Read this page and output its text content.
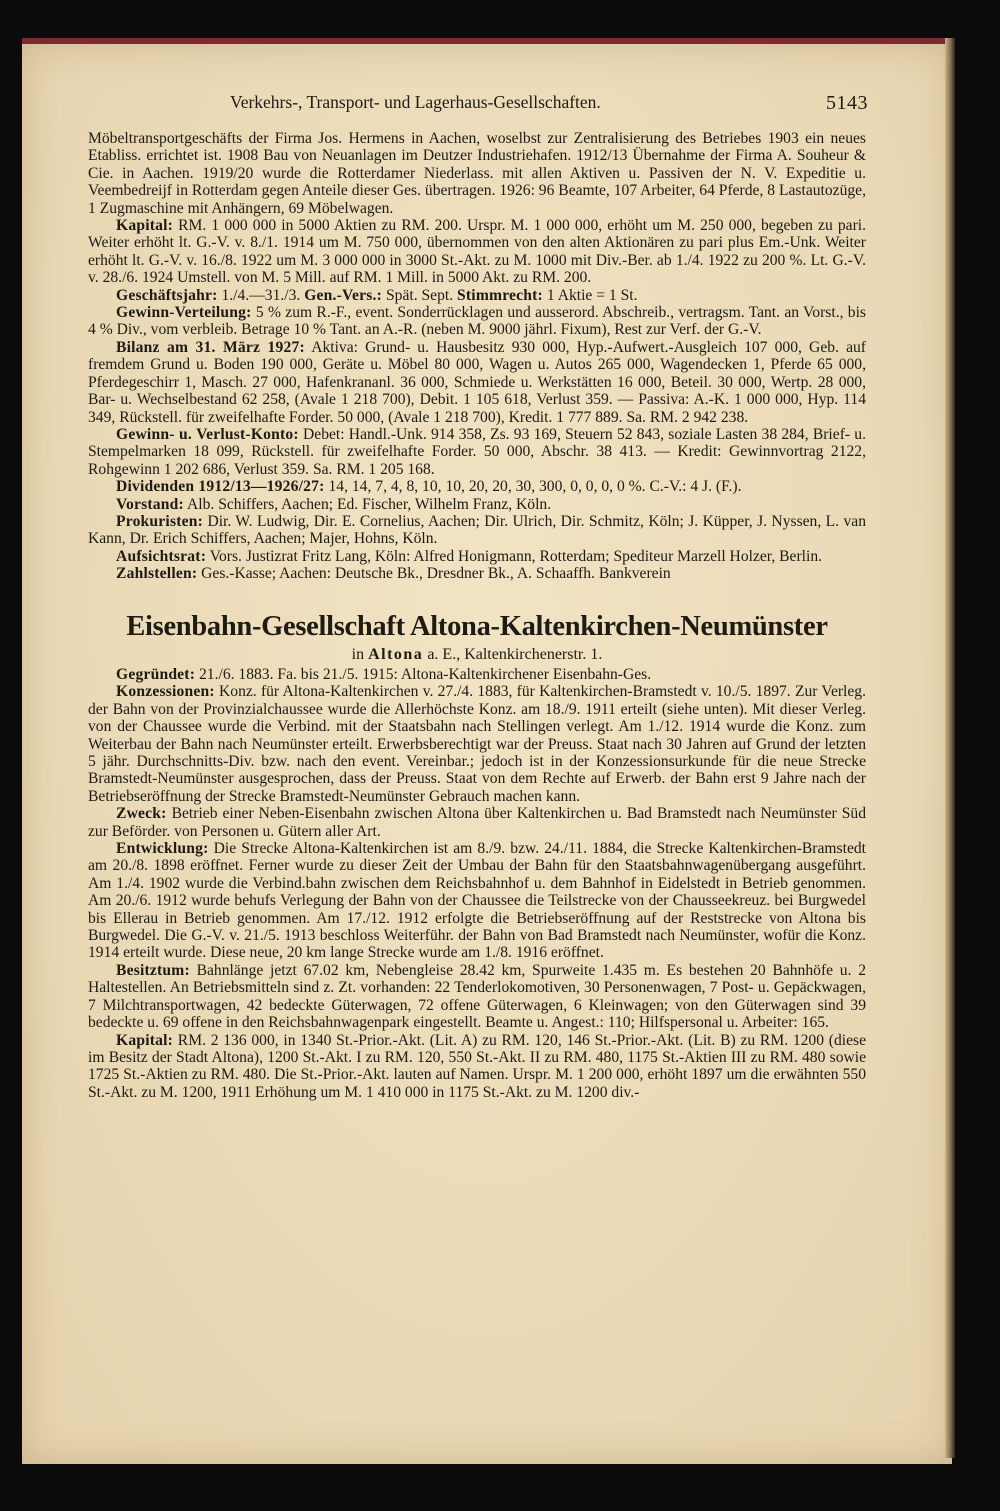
Verkehrs-, Transport- und Lagerhaus-Gesellschaften.	5143

Möbeltransportgeschäfts der Firma Jos. Hermens in Aachen, woselbst zur Zentralisierung des Betriebes 1903 ein neues Etabliss. errichtet ist. 1908 Bau von Neuanlagen im Deutzer Industriehafen. 1912/13 Übernahme der Firma A. Souheur & Cie. in Aachen. 1919/20 wurde die Rotterdamer Niederlass. mit allen Aktiven u. Passiven der N. V. Expeditie u. Veembedreijf in Rotterdam gegen Anteile dieser Ges. übertragen. 1926: 96 Beamte, 107 Arbeiter, 64 Pferde, 8 Lastautozüge, 1 Zugmaschine mit Anhängern, 69 Möbelwagen.

Kapital: RM. 1 000 000 in 5000 Aktien zu RM. 200. Urspr. M. 1 000 000, erhöht um M. 250 000, begeben zu pari. Weiter erhöht lt. G.-V. v. 8./1. 1914 um M. 750 000, übernommen von den alten Aktionären zu pari plus Em.-Unk. Weiter erhöht lt. G.-V. v. 16./8. 1922 um M. 3 000 000 in 3000 St.-Akt. zu M. 1000 mit Div.-Ber. ab 1./4. 1922 zu 200 %. Lt. G.-V. v. 28./6. 1924 Umstell. von M. 5 Mill. auf RM. 1 Mill. in 5000 Akt. zu RM. 200.

Geschäftsjahr: 1./4.—31./3. Gen.-Vers.: Spät. Sept. Stimmrecht: 1 Aktie = 1 St.

Gewinn-Verteilung: 5 % zum R.-F., event. Sonderrücklagen und ausserord. Abschreib., vertragsm. Tant. an Vorst., bis 4 % Div., vom verbleib. Betrage 10 % Tant. an A.-R. (neben M. 9000 jährl. Fixum), Rest zur Verf. der G.-V.

Bilanz am 31. März 1927: Aktiva: Grund- u. Hausbesitz 930 000, Hyp.-Aufwert.-Ausgleich 107 000, Geb. auf fremdem Grund u. Boden 190 000, Geräte u. Möbel 80 000, Wagen u. Autos 265 000, Wagendecken 1, Pferde 65 000, Pferdegeschirr 1, Masch. 27 000, Hafenkrananl. 36 000, Schmiede u. Werkstätten 16 000, Beteil. 30 000, Wertp. 28 000, Bar- u. Wechselbestand 62 258, (Avale 1 218 700), Debit. 1 105 618, Verlust 359. — Passiva: A.-K. 1 000 000, Hyp. 114 349, Rückstell. für zweifelhafte Forder. 50 000, (Avale 1 218 700), Kredit. 1 777 889. Sa. RM. 2 942 238.

Gewinn- u. Verlust-Konto: Debet: Handl.-Unk. 914 358, Zs. 93 169, Steuern 52 843, soziale Lasten 38 284, Brief- u. Stempelmarken 18 099, Rückstell. für zweifelhafte Forder. 50 000, Abschr. 38 413. — Kredit: Gewinnvortrag 2122, Rohgewinn 1 202 686, Verlust 359. Sa. RM. 1 205 168.

Dividenden 1912/13—1926/27: 14, 14, 7, 4, 8, 10, 10, 20, 20, 30, 300, 0, 0, 0, 0 %. C.-V.: 4 J. (F.).

Vorstand: Alb. Schiffers, Aachen; Ed. Fischer, Wilhelm Franz, Köln.

Prokuristen: Dir. W. Ludwig, Dir. E. Cornelius, Aachen; Dir. Ulrich, Dir. Schmitz, Köln; J. Küpper, J. Nyssen, L. van Kann, Dr. Erich Schiffers, Aachen; Majer, Hohns, Köln.

Aufsichtsrat: Vors. Justizrat Fritz Lang, Köln: Alfred Honigmann, Rotterdam; Spediteur Marzell Holzer, Berlin.

Zahlstellen: Ges.-Kasse; Aachen: Deutsche Bk., Dresdner Bk., A. Schaaffh. Bankverein

Eisenbahn-Gesellschaft Altona-Kaltenkirchen-Neumünster
in Altona a. E., Kaltenkirchenerstr. 1.

Gegründet: 21./6. 1883. Fa. bis 21./5. 1915: Altona-Kaltenkirchener Eisenbahn-Ges.

Konzessionen: Konz. für Altona-Kaltenkirchen v. 27./4. 1883, für Kaltenkirchen-Bramstedt v. 10./5. 1897. Zur Verleg. der Bahn von der Provinzialchaussee wurde die Allerhöchste Konz. am 18./9. 1911 erteilt (siehe unten). Mit dieser Verleg. von der Chaussee wurde die Verbind. mit der Staatsbahn nach Stellingen verlegt. Am 1./12. 1914 wurde die Konz. zum Weiterbau der Bahn nach Neumünster erteilt. Erwerbsberechtigt war der Preuss. Staat nach 30 Jahren auf Grund der letzten 5 jähr. Durchschnitts-Div. bzw. nach den event. Vereinbar.; jedoch ist in der Konzessionsurkunde für die neue Strecke Bramstedt-Neumünster ausgesprochen, dass der Preuss. Staat von dem Rechte auf Erwerb. der Bahn erst 9 Jahre nach der Betriebseröffnung der Strecke Bramstedt-Neumünster Gebrauch machen kann.

Zweck: Betrieb einer Neben-Eisenbahn zwischen Altona über Kaltenkirchen u. Bad Bramstedt nach Neumünster Süd zur Beförder. von Personen u. Gütern aller Art.

Entwicklung: Die Strecke Altona-Kaltenkirchen ist am 8./9. bzw. 24./11. 1884, die Strecke Kaltenkirchen-Bramstedt am 20./8. 1898 eröffnet. Ferner wurde zu dieser Zeit der Umbau der Bahn für den Staatsbahnwagenübergang ausgeführt. Am 1./4. 1902 wurde die Verbind.bahn zwischen dem Reichsbahnhof u. dem Bahnhof in Eidelstedt in Betrieb genommen. Am 20./6. 1912 wurde behufs Verlegung der Bahn von der Chaussee die Teilstrecke von der Chausseekreuz. bei Burgwedel bis Ellerau in Betrieb genommen. Am 17./12. 1912 erfolgte die Betriebseröffnung auf der Reststrecke von Altona bis Burgwedel. Die G.-V. v. 21./5. 1913 beschloss Weiterführ. der Bahn von Bad Bramstedt nach Neumünster, wofür die Konz. 1914 erteilt wurde. Diese neue, 20 km lange Strecke wurde am 1./8. 1916 eröffnet.

Besitztum: Bahnlänge jetzt 67.02 km, Nebengleise 28.42 km, Spurweite 1.435 m. Es bestehen 20 Bahnhöfe u. 2 Haltestellen. An Betriebsmitteln sind z. Zt. vorhanden: 22 Tenderlokomotiven, 30 Personenwagen, 7 Post- u. Gepäckwagen, 7 Milchtransportwagen, 42 bedeckte Güterwagen, 72 offene Güterwagen, 6 Kleinwagen; von den Güterwagen sind 39 bedeckte u. 69 offene in den Reichsbahnwagenpark eingestellt. Beamte u. Angest.: 110; Hilfspersonal u. Arbeiter: 165.

Kapital: RM. 2 136 000, in 1340 St.-Prior.-Akt. (Lit. A) zu RM. 120, 146 St.-Prior.-Akt. (Lit. B) zu RM. 1200 (diese im Besitz der Stadt Altona), 1200 St.-Akt. I zu RM. 120, 550 St.-Akt. II zu RM. 480, 1175 St.-Aktien III zu RM. 480 sowie 1725 St.-Aktien zu RM. 480. Die St.-Prior.-Akt. lauten auf Namen. Urspr. M. 1 200 000, erhöht 1897 um die erwähnten 550 St.-Akt. zu M. 1200, 1911 Erhöhung um M. 1 410 000 in 1175 St.-Akt. zu M. 1200 div.-
